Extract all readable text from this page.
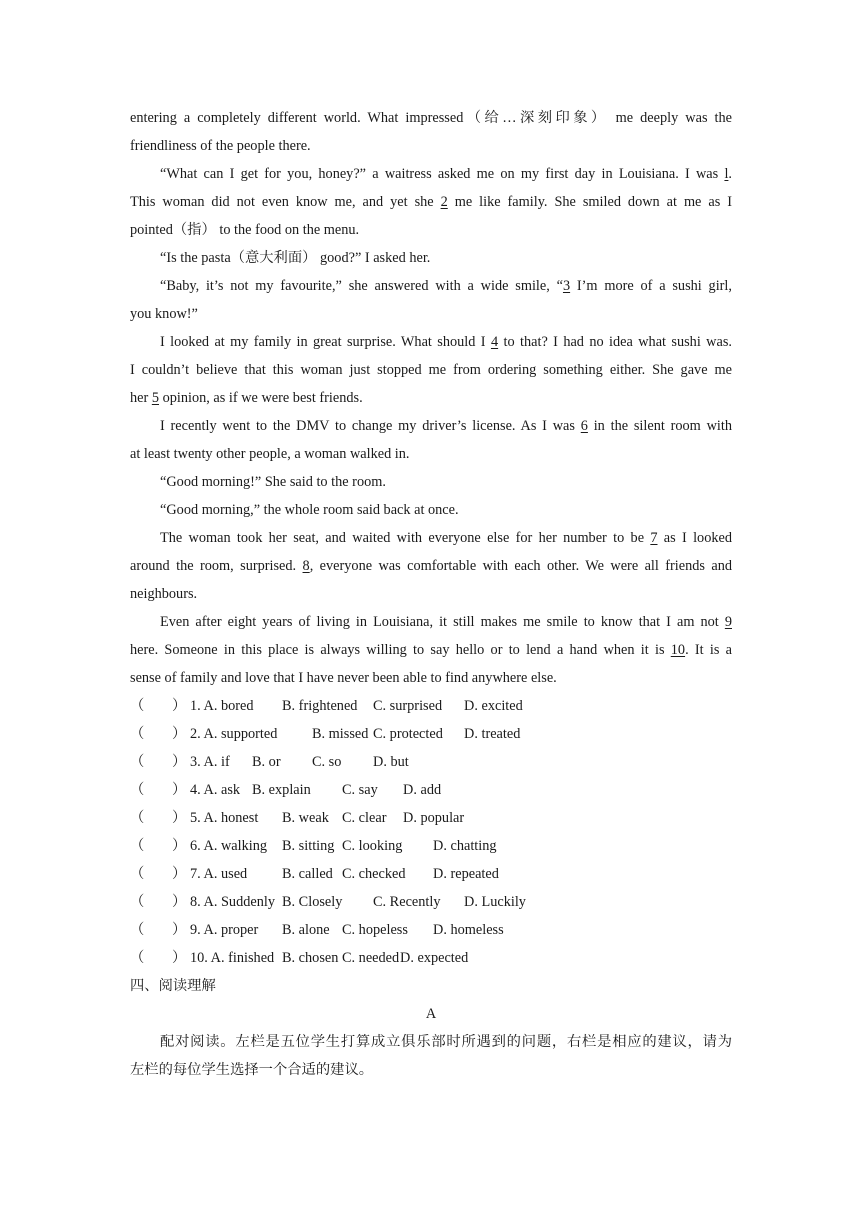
entering a completely different world. What impressed（给…深刻印象） me deeply was the
friendliness of the people there.
“What can I get for you, honey?” a waitress asked me on my first day in Louisiana. I was l.
This woman did not even know me, and yet she 2 me like family. She smiled down at me as I
pointed（指） to the food on the menu.
“Is the pasta（意大利面） good?” I asked her.
“Baby, it’s not my favourite,” she answered with a wide smile, “3 I’m more of a sushi girl,
you know!”
I looked at my family in great surprise. What should I 4 to that? I had no idea what sushi was.
I couldn’t believe that this woman just stopped me from ordering something either. She gave me
her 5 opinion, as if we were best friends.
I recently went to the DMV to change my driver’s license. As I was 6 in the silent room with
at least twenty other people, a woman walked in.
“Good morning!” She said to the room.
“Good morning,” the whole room said back at once.
The woman took her seat, and waited with everyone else for her number to be 7 as I looked
around the room, surprised. 8, everyone was comfortable with each other. We were all friends and
neighbours.
Even after eight years of living in Louisiana, it still makes me smile to know that I am not 9
here. Someone in this place is always willing to say hello or to lend a hand when it is 10. It is a
sense of family and love that I have never been able to find anywhere else.
（ ） 1. A. bored B. frightened C. surprised D. excited
（ ） 2. A. supported B. missed C. protected D. treated
（ ） 3. A. if B. or C. so D. but
（ ） 4. A. ask B. explain C. say D. add
（ ） 5. A. honest B. weak C. clear D. popular
（ ） 6. A. walking B. sitting C. looking D. chatting
（ ） 7. A. used B. called C. checked D. repeated
（ ） 8. A. Suddenly B. Closely C. Recently D. Luckily
（ ） 9. A. proper B. alone C. hopeless D. homeless
（ ） 10. A. finished B. chosen C. needed D. expected
四、阅读理解
A
配对阅读。左栏是五位学生打算成立俱乐部时所遇到的问题，右栏是相应的建议，请为
左栏的每位学生选择一个合适的建议。
